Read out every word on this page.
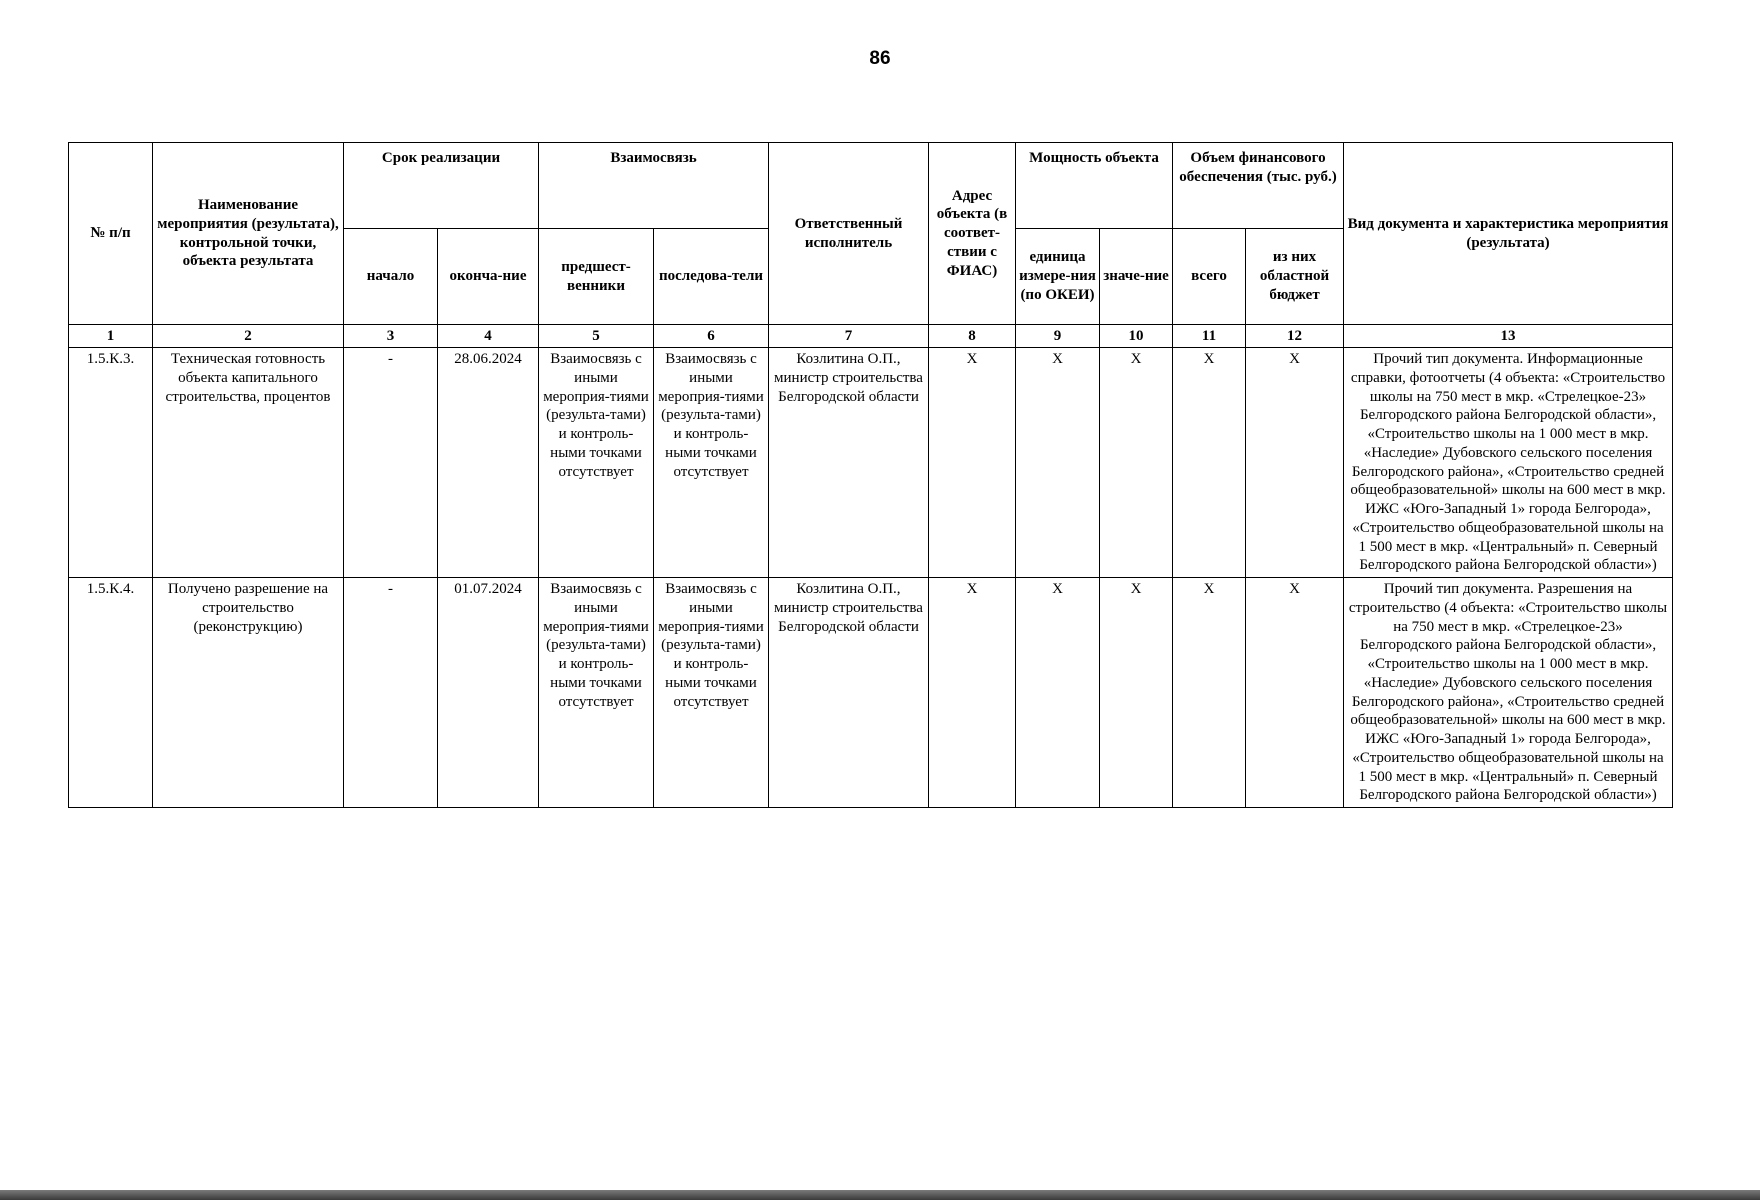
86
№ п/п	Наименование мероприятия (результата), контрольной точки, объекта результата	Срок реализации		Взаимосвязь		Ответственный исполнитель	Адрес объекта (в соответ-ствии с ФИАС)	Мощность объекта		Объем финансового обеспечения (тыс. руб.)		Вид документа и характеристика мероприятия (результата)
		начало	оконча-ние	предшест-венники	последова-тели			единица измере-ния (по ОКЕИ)	значе-ние	всего	из них областной бюджет	
1	2	3	4	5	6	7	8	9	10	11	12	13
1.5.К.3.	Техническая готовность объекта капитального строительства, процентов	-	28.06.2024	Взаимосвязь с иными мероприя-тиями (результа-тами) и контроль-ными точками отсутствует	Взаимосвязь с иными мероприя-тиями (результа-тами) и контроль-ными точками отсутствует	Козлитина О.П., министр строительства Белгородской области	Х	Х	Х	Х	Х	Прочий тип документа. Информационные справки, фотоотчеты (4 объекта: «Строительство школы на 750 мест в мкр. «Стрелецкое-23» Белгородского района Белгородской области», «Строительство школы на 1 000 мест в мкр. «Наследие» Дубовского сельского поселения Белгородского района», «Строительство средней общеобразовательной» школы на 600 мест в мкр. ИЖС «Юго-Западный 1» города Белгорода», «Строительство общеобразовательной школы на 1 500 мест в мкр. «Центральный» п. Северный Белгородского района Белгородской области»)
1.5.К.4.	Получено разрешение на строительство (реконструкцию)	-	01.07.2024	Взаимосвязь с иными мероприя-тиями (результа-тами) и контроль-ными точками отсутствует	Взаимосвязь с иными мероприя-тиями (результа-тами) и контроль-ными точками отсутствует	Козлитина О.П., министр строительства Белгородской области	Х	Х	Х	Х	Х	Прочий тип документа. Разрешения на строительство (4 объекта: «Строительство школы на 750 мест в мкр. «Стрелецкое-23» Белгородского района Белгородской области», «Строительство школы на 1 000 мест в мкр. «Наследие» Дубовского сельского поселения Белгородского района», «Строительство средней общеобразовательной» школы на 600 мест в мкр. ИЖС «Юго-Западный 1» города Белгорода», «Строительство общеобразовательной школы на 1 500 мест в мкр. «Центральный» п. Северный Белгородского района Белгородской области»)
